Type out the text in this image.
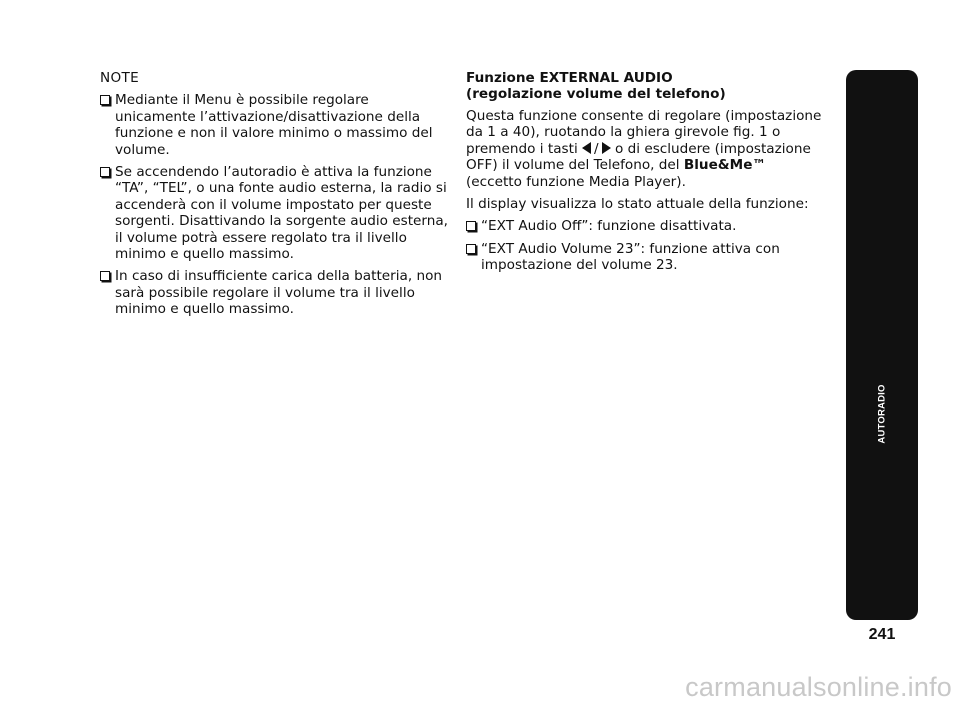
NOTE
Mediante il Menu è possibile regolare unicamente l’attivazione/disattivazione della funzione e non il valore minimo o massimo del volume.
Se accendendo l’autoradio è attiva la funzione “TA”, “TEL”, o una fonte audio esterna, la radio si accenderà con il volume impostato per queste sorgenti. Disattivando la sorgente audio esterna, il volume potrà essere regolato tra il livello minimo e quello massimo.
In caso di insufficiente carica della batteria, non sarà possibile regolare il volume tra il livello minimo e quello massimo.
Funzione EXTERNAL AUDIO
(regolazione volume del telefono)
Questa funzione consente di regolare (impostazione da 1 a 40), ruotando la ghiera girevole fig. 1 o premendo i tasti / o di escludere (impostazione OFF) il volume del Telefono, del Blue&Me™ (eccetto funzione Media Player).
Il display visualizza lo stato attuale della funzione:
“EXT Audio Off”: funzione disattivata.
“EXT Audio Volume 23”: funzione attiva con impostazione del volume 23.
AUTORADIO
241
carmanualsonline.info
